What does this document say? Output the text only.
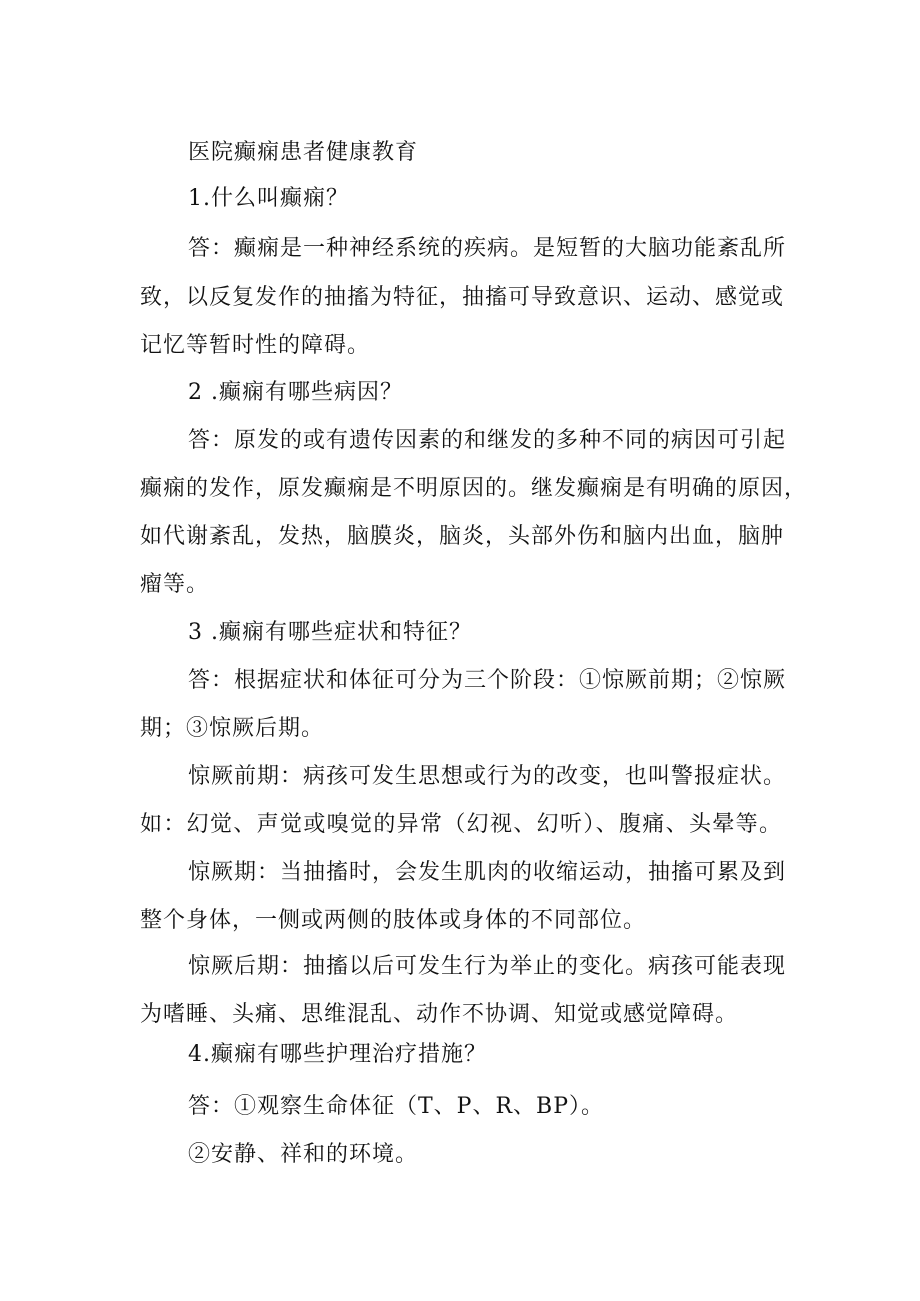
医院癫痫患者健康教育
1.什么叫癫痫？
答：癫痫是一种神经系统的疾病。是短暂的大脑功能紊乱所
致，以反复发作的抽搐为特征，抽搐可导致意识、运动、感觉或
记忆等暂时性的障碍。
2 .癫痫有哪些病因？
答：原发的或有遗传因素的和继发的多种不同的病因可引起
癫痫的发作，原发癫痫是不明原因的。继发癫痫是有明确的原因，
如代谢紊乱，发热，脑膜炎，脑炎，头部外伤和脑内出血，脑肿
瘤等。
3 .癫痫有哪些症状和特征？
答：根据症状和体征可分为三个阶段：①惊厥前期；②惊厥
期；③惊厥后期。
惊厥前期：病孩可发生思想或行为的改变，也叫警报症状。
如：幻觉、声觉或嗅觉的异常（幻视、幻听）、腹痛、头晕等。
惊厥期：当抽搐时，会发生肌肉的收缩运动，抽搐可累及到
整个身体，一侧或两侧的肢体或身体的不同部位。
惊厥后期：抽搐以后可发生行为举止的变化。病孩可能表现
为嗜睡、头痛、思维混乱、动作不协调、知觉或感觉障碍。
4.癫痫有哪些护理治疗措施？
答：①观察生命体征（T、P、R、BP）。
②安静、祥和的环境。
